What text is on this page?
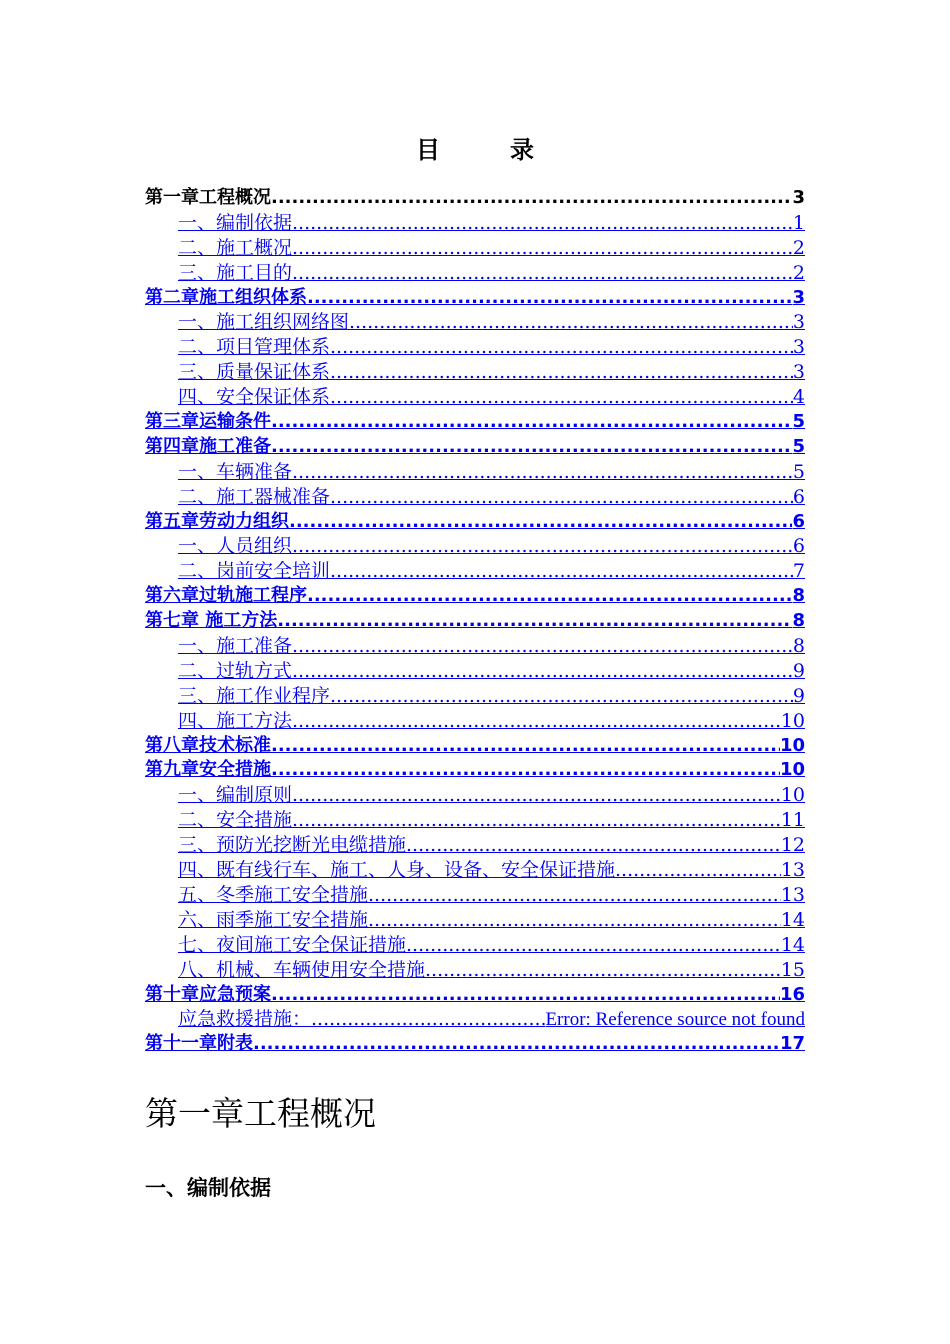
目	录
第一章工程概况 .....	3
一、编制依据 .....	1
二、施工概况 .....	2
三、施工目的 .....	2
第二章施工组织体系 .....	3
一、施工组织网络图 .....	3
二、项目管理体系 .....	3
三、质量保证体系 .....	3
四、安全保证体系 .....	4
第三章运输条件 .....	5
第四章施工准备 .....	5
一、车辆准备 .....	5
二、施工器械准备 .....	6
第五章劳动力组织 .....	6
一、人员组织 .....	6
二、岗前安全培训 .....	7
第六章过轨施工程序 .....	8
第七章 施工方法 .....	8
一、施工准备 .....	8
二、过轨方式 .....	9
三、施工作业程序 .....	9
四、施工方法 .....	10
第八章技术标准 .....	10
第九章安全措施 .....	10
一、编制原则 .....	10
二、安全措施 .....	11
三、预防光挖断光电缆措施 .....	12
四、既有线行车、施工、人身、设备、安全保证措施 .....	13
五、冬季施工安全措施 .....	13
六、雨季施工安全措施 .....	14
七、夜间施工安全保证措施 .....	14
八、机械、车辆使用安全措施 .....	15
第十章应急预案 .....	16
应急救援措施： .....	Error: Reference source not found
第十一章附表 .....	17
第一章工程概况
一、编制依据
